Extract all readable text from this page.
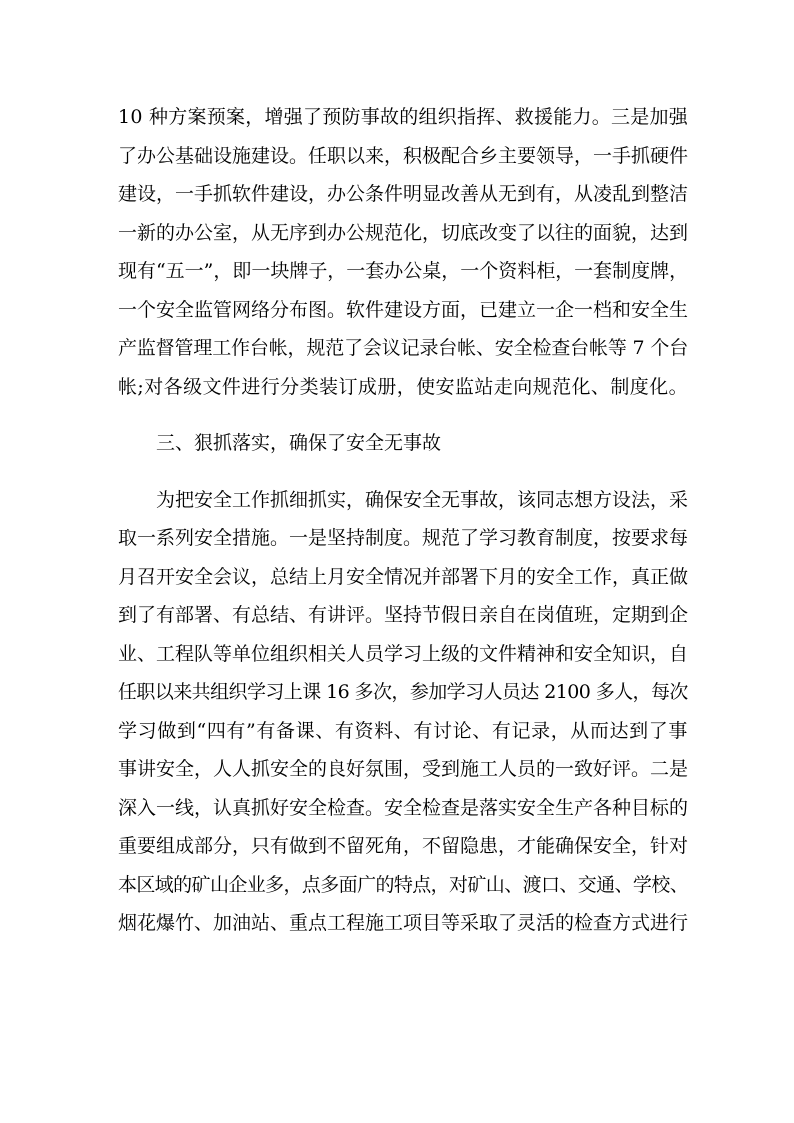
10 种方案预案，增强了预防事故的组织指挥、救援能力。三是加强
了办公基础设施建设。任职以来，积极配合乡主要领导，一手抓硬件
建设，一手抓软件建设，办公条件明显改善从无到有，从凌乱到整洁
一新的办公室，从无序到办公规范化，切底改变了以往的面貌，达到
现有“五一”，即一块牌子，一套办公桌，一个资料柜，一套制度牌，
一个安全监管网络分布图。软件建设方面，已建立一企一档和安全生
产监督管理工作台帐，规范了会议记录台帐、安全检查台帐等 7 个台
帐;对各级文件进行分类装订成册，使安监站走向规范化、制度化。
三、狠抓落实，确保了安全无事故
为把安全工作抓细抓实，确保安全无事故，该同志想方设法，采
取一系列安全措施。一是坚持制度。规范了学习教育制度，按要求每
月召开安全会议，总结上月安全情况并部署下月的安全工作，真正做
到了有部署、有总结、有讲评。坚持节假日亲自在岗值班，定期到企
业、工程队等单位组织相关人员学习上级的文件精神和安全知识，自
任职以来共组织学习上课 16 多次，参加学习人员达 2100 多人，每次
学习做到“四有”有备课、有资料、有讨论、有记录，从而达到了事
事讲安全，人人抓安全的良好氛围，受到施工人员的一致好评。二是
深入一线，认真抓好安全检查。安全检查是落实安全生产各种目标的
重要组成部分，只有做到不留死角，不留隐患，才能确保安全，针对
本区域的矿山企业多，点多面广的特点，对矿山、渡口、交通、学校、
烟花爆竹、加油站、重点工程施工项目等采取了灵活的检查方式进行
